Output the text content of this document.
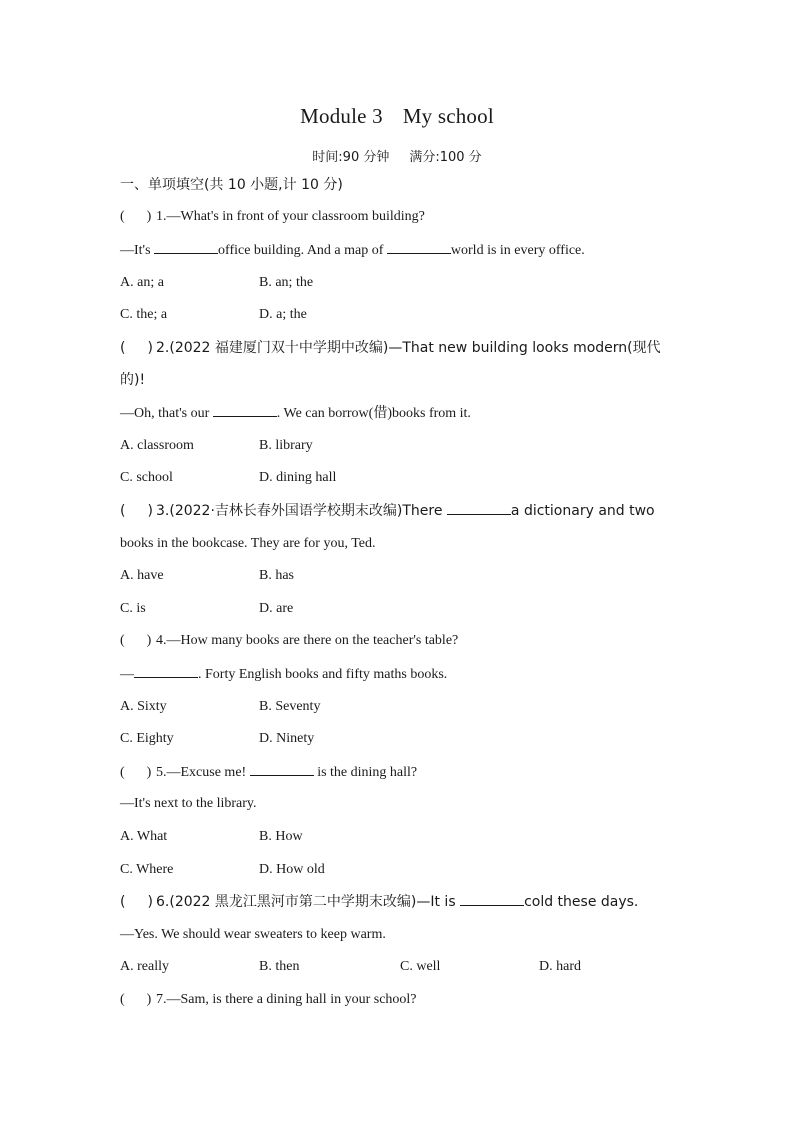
Module 3 My school
时间:90 分钟 满分:100 分
一、单项填空(共 10 小题,计 10 分)
( ) 1.—What's in front of your classroom building?
—It's	office building. And a map of	world is in every office.
A. an; a	B. an; the
C. the; a	D. a; the
( ) 2.(2022 福建厦门双十中学期中改编)—That new building looks modern(现代
的)!
—Oh, that's our	. We can borrow(借)books from it.
A. classroom	B. library
C. school	D. dining hall
( ) 3.(2022·吉林长春外国语学校期末改编)There	a dictionary and two
books in the bookcase. They are for you, Ted.
A. have	B. has
C. is	D. are
( ) 4.—How many books are there on the teacher's table?
—	. Forty English books and fifty maths books.
A. Sixty	B. Seventy
C. Eighty	D. Ninety
( ) 5.—Excuse me!	is the dining hall?
—It's next to the library.
A. What	B. How
C. Where	D. How old
( ) 6.(2022 黑龙江黑河市第二中学期末改编)—It is	cold these days.
—Yes. We should wear sweaters to keep warm.
A. really	B. then	C. well	D. hard
( ) 7.—Sam, is there a dining hall in your school?
